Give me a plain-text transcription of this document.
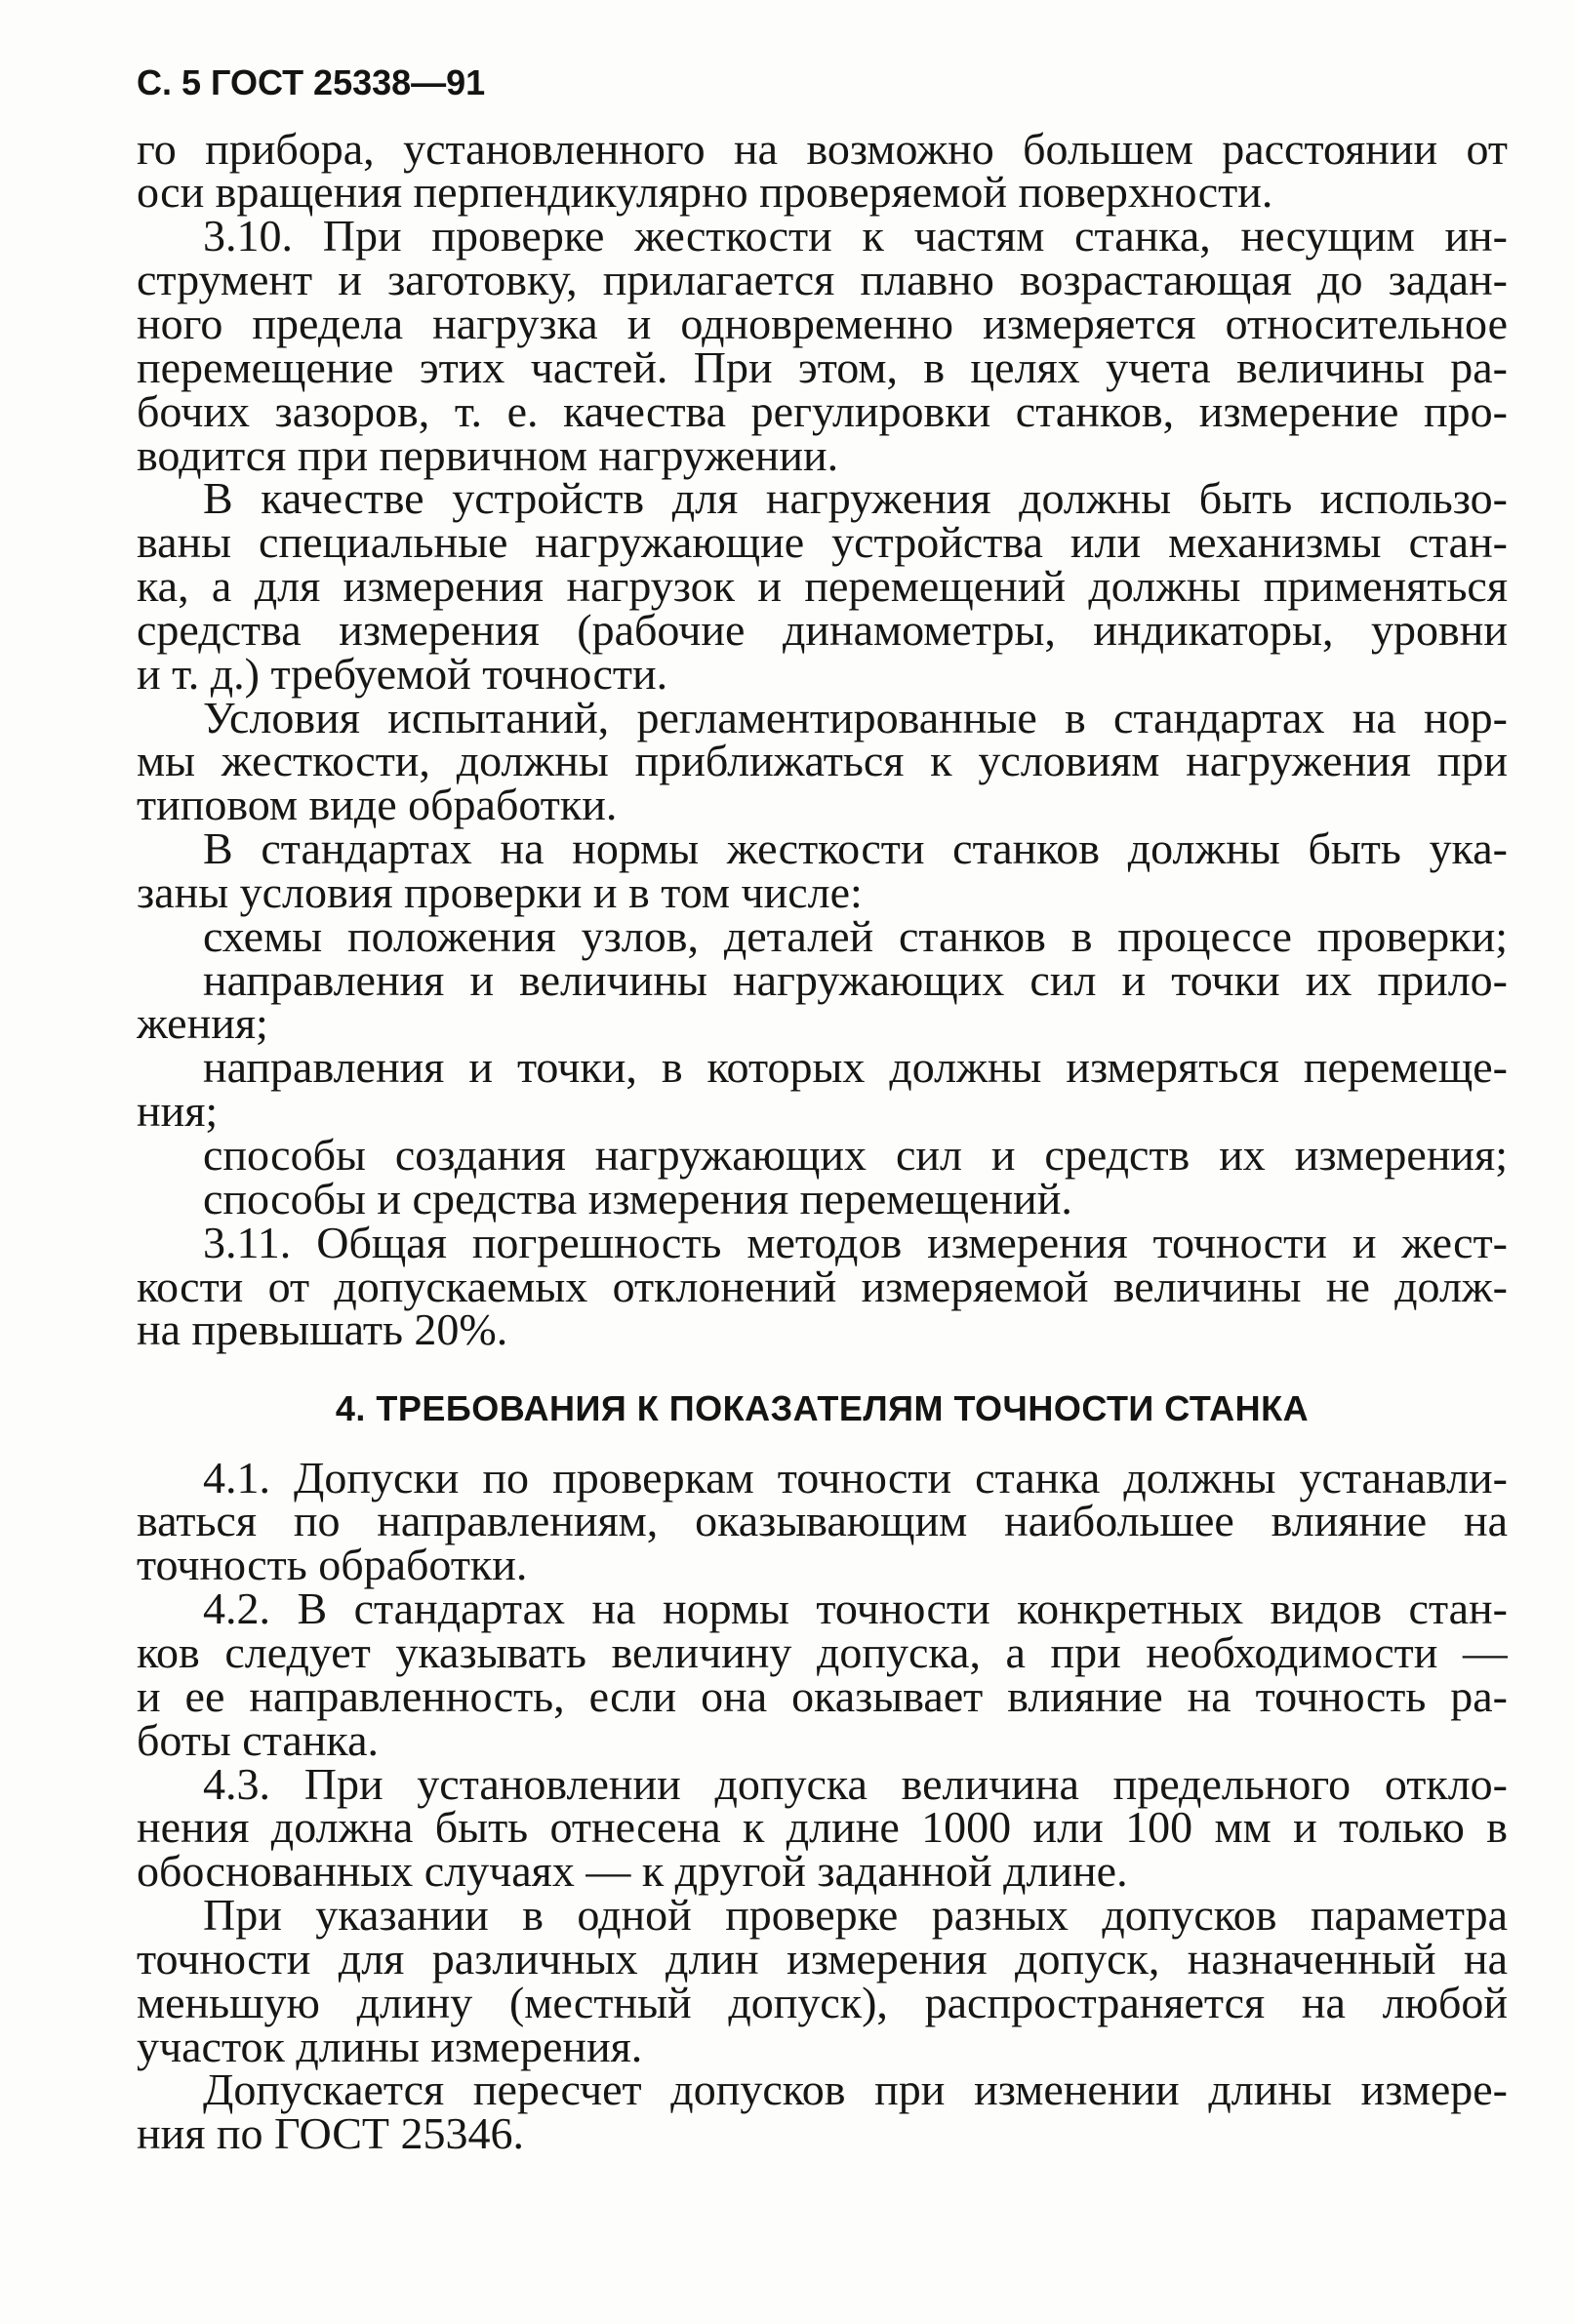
С. 5 ГОСТ 25338—91
го прибора, установленного на возможно большем расстоянии от
оси вращения перпендикулярно проверяемой поверхности.
3.10. При проверке жесткости к частям станка, несущим ин-
струмент и заготовку, прилагается плавно возрастающая до задан-
ного предела нагрузка и одновременно измеряется относительное
перемещение этих частей. При этом, в целях учета величины ра-
бочих зазоров, т. е. качества регулировки станков, измерение про-
водится при первичном нагружении.
В качестве устройств для нагружения должны быть использо-
ваны специальные нагружающие устройства или механизмы стан-
ка, а для измерения нагрузок и перемещений должны применяться
средства измерения (рабочие динамометры, индикаторы, уровни
и т. д.) требуемой точности.
Условия испытаний, регламентированные в стандартах на нор-
мы жесткости, должны приближаться к условиям нагружения при
типовом виде обработки.
В стандартах на нормы жесткости станков должны быть ука-
заны условия проверки и в том числе:
схемы положения узлов, деталей станков в процессе проверки;
направления и величины нагружающих сил и точки их прило-
жения;
направления и точки, в которых должны измеряться перемеще-
ния;
способы создания нагружающих сил и средств их измерения;
способы и средства измерения перемещений.
3.11. Общая погрешность методов измерения точности и жест-
кости от допускаемых отклонений измеряемой величины не долж-
на превышать 20%.
4. ТРЕБОВАНИЯ К ПОКАЗАТЕЛЯМ ТОЧНОСТИ СТАНКА
4.1. Допуски по проверкам точности станка должны устанавли-
ваться по направлениям, оказывающим наибольшее влияние на
точность обработки.
4.2. В стандартах на нормы точности конкретных видов стан-
ков следует указывать величину допуска, а при необходимости —
и ее направленность, если она оказывает влияние на точность ра-
боты станка.
4.3. При установлении допуска величина предельного откло-
нения должна быть отнесена к длине 1000 или 100 мм и только в
обоснованных случаях — к другой заданной длине.
При указании в одной проверке разных допусков параметра
точности для различных длин измерения допуск, назначенный на
меньшую длину (местный допуск), распространяется на любой
участок длины измерения.
Допускается пересчет допусков при изменении длины измере-
ния по ГОСТ 25346.
